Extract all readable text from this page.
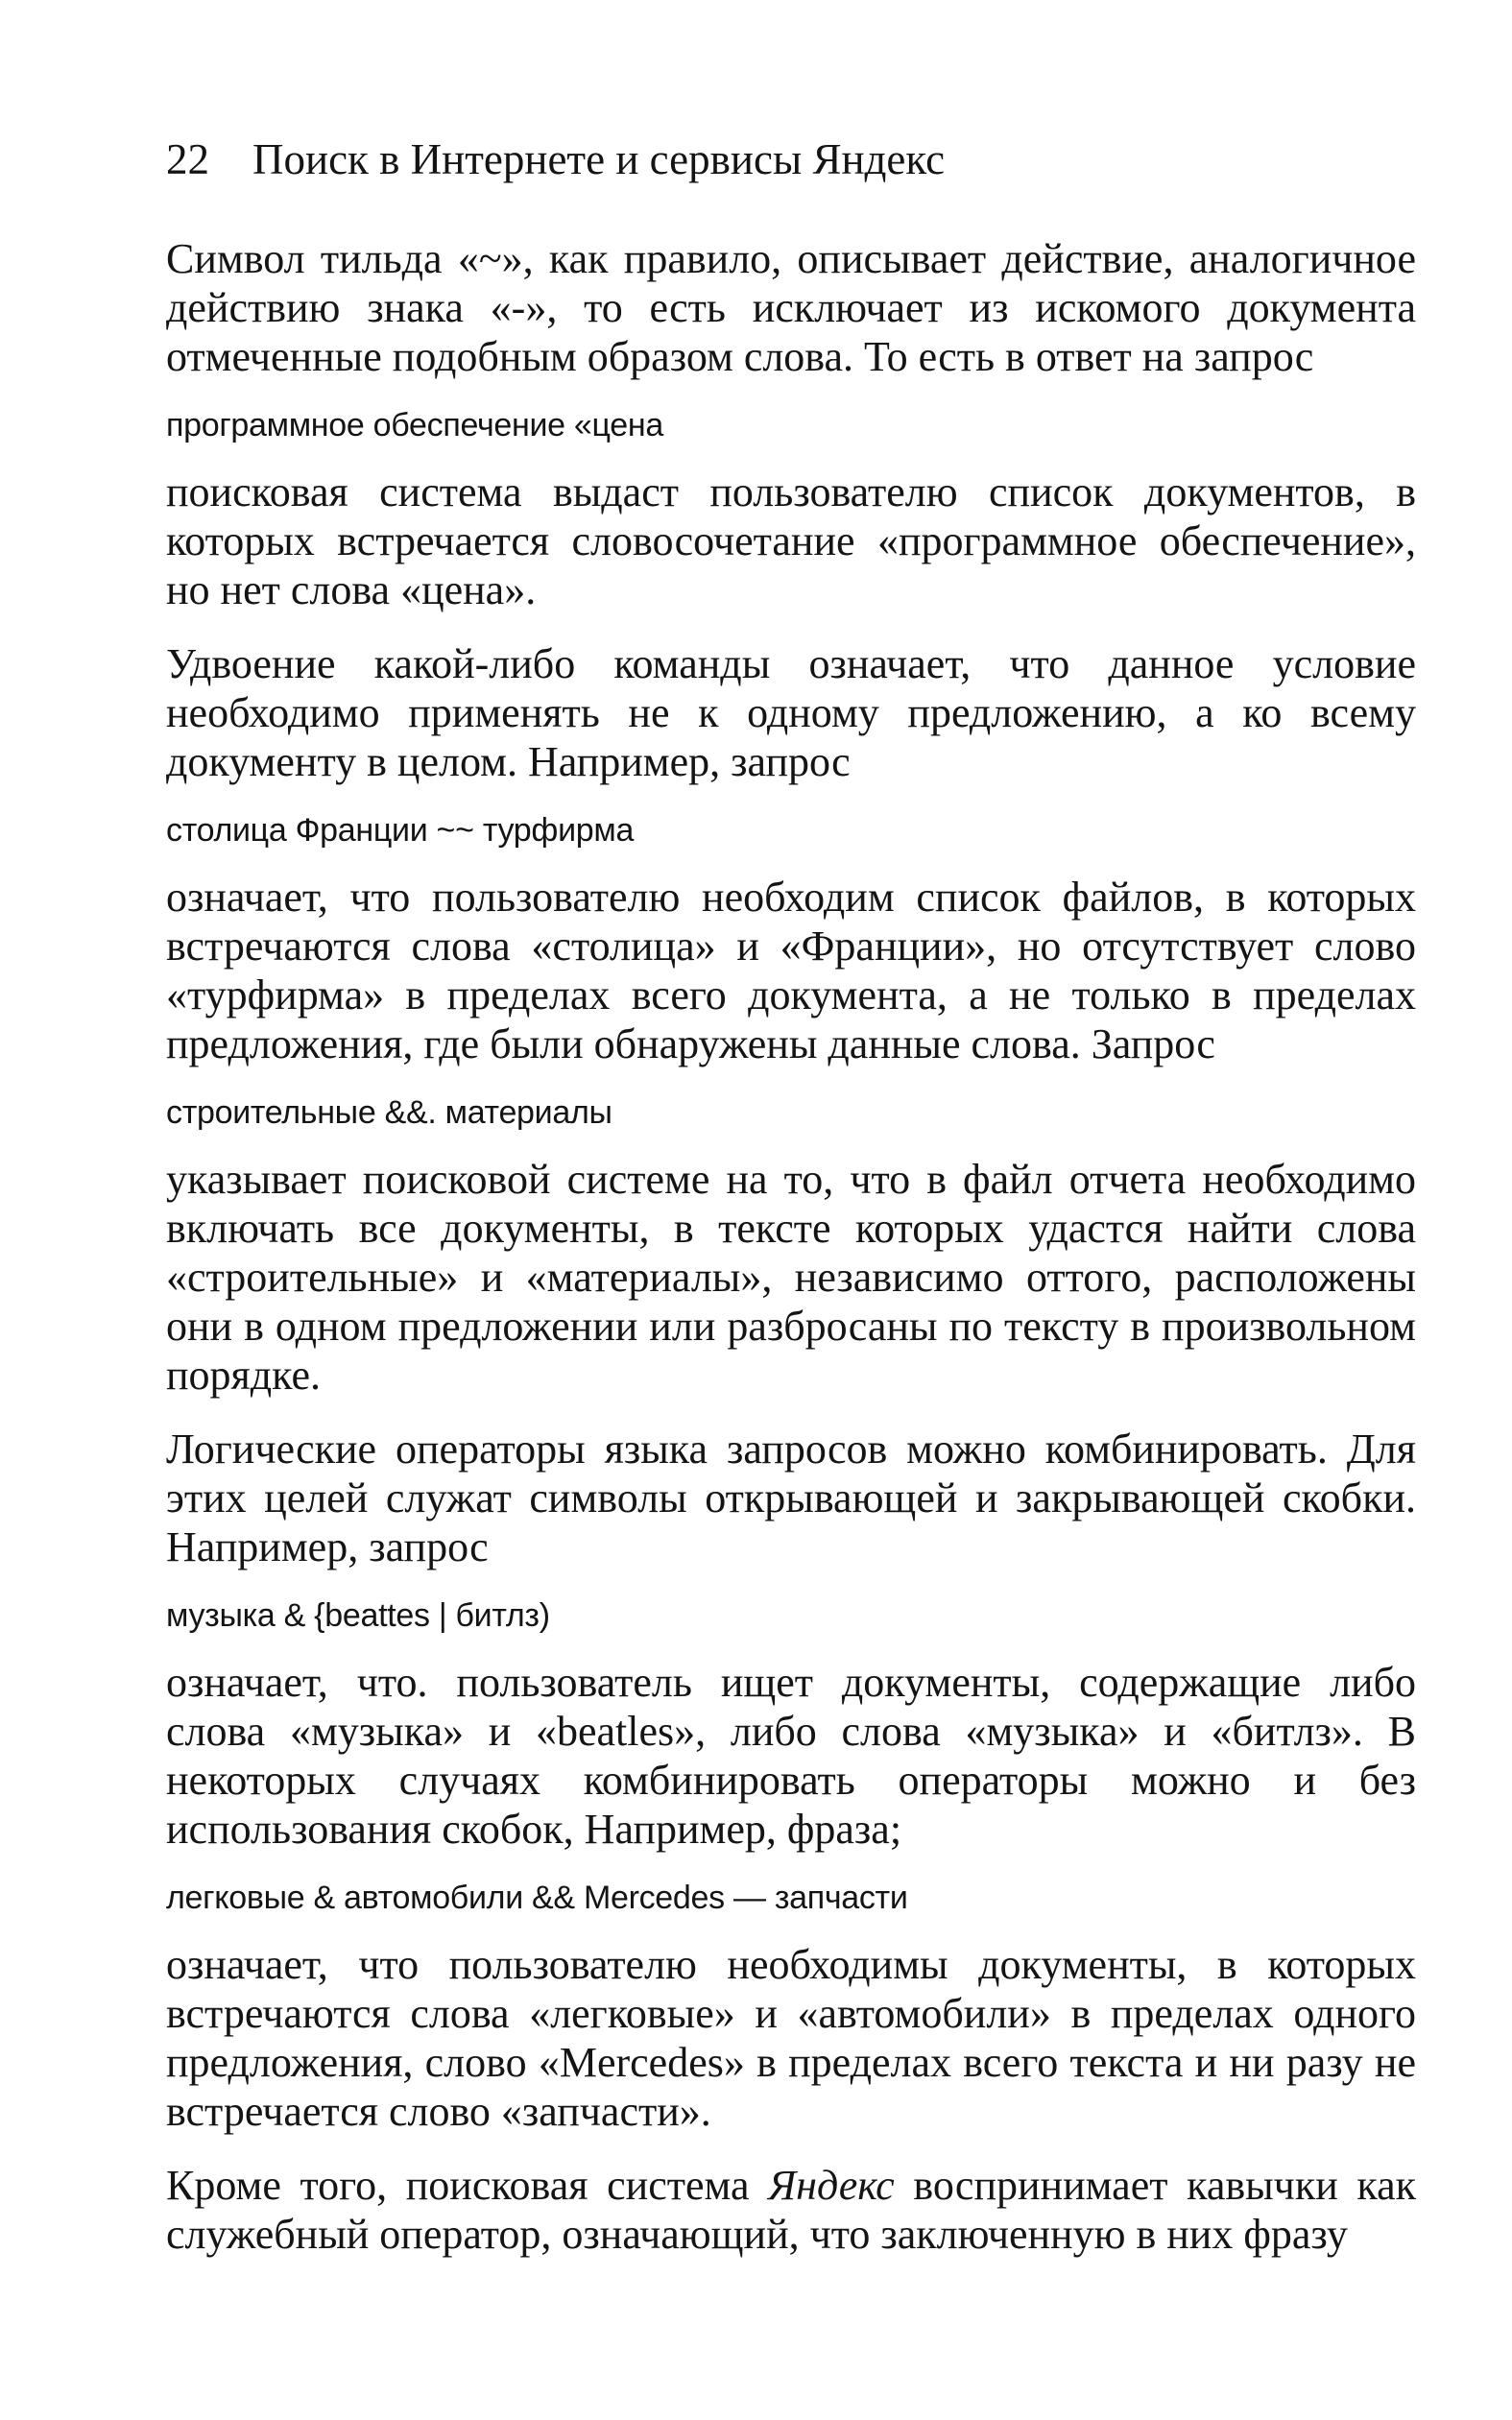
22 Поиск в Интернете и сервисы Яндекс

Символ тильда «~», как правило, описывает действие, аналогичное действию знака «-», то есть исключает из искомого документа отмеченные подобным образом слова. То есть в ответ на запрос

программное обеспечение «цена

поисковая система выдаст пользователю список документов, в которых встречается словосочетание «программное обеспечение», но нет слова «цена».

Удвоение какой-либо команды означает, что данное условие необходимо применять не к одному предложению, а ко всему документу в целом. Например, запрос

столица Франции ~~ турфирма

означает, что пользователю необходим список файлов, в которых встречаются слова «столица» и «Франции», но отсутствует слово «турфирма» в пределах всего документа, а не только в пределах предложения, где были обнаружены данные слова. Запрос

строительные &&. материалы

указывает поисковой системе на то, что в файл отчета необходимо включать все документы, в тексте которых удастся найти слова «строительные» и «материалы», независимо оттого, расположены они в одном предложении или разбросаны по тексту в произвольном порядке.

Логические операторы языка запросов можно комбинировать. Для этих целей служат символы открывающей и закрывающей скобки. Например, запрос

музыка & {beattes | битлз)

означает, что. пользователь ищет документы, содержащие либо слова «музыка» и «beatles», либо слова «музыка» и «битлз». В некоторых случаях комбинировать операторы можно и без использования скобок, Например, фраза;

легковые & автомобили && Mercedes — запчасти

означает, что пользователю необходимы документы, в которых встречаются слова «легковые» и «автомобили» в пределах одного предложения, слово «Mercedes» в пределах всего текста и ни разу не встречается слово «запчасти».

Кроме того, поисковая система Яндекс воспринимает кавычки как служебный оператор, означающий, что заключенную в них фразу
